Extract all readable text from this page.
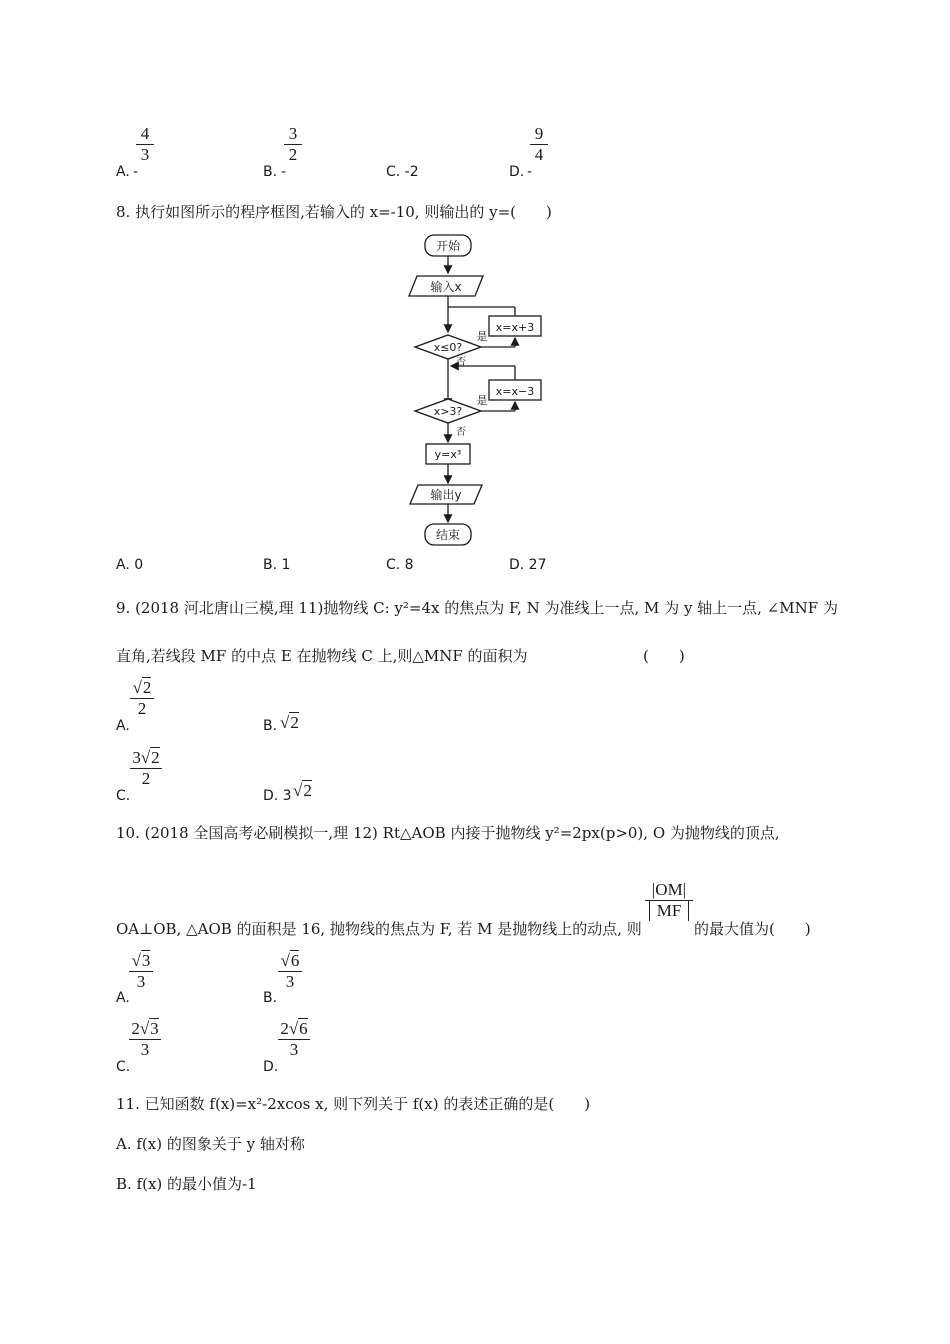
A. -
4
3
B. -
3
2
C. -2	D. -
9
4
8. 执行如图所示的程序框图,若输入的 x=-10, 则输出的 y=(　　)
开始
输入x
x=x+3
是
x≤0?
否
x=x−3
是
x>3?
否
y=x³
输出y
结束
A. 0	B. 1	C. 8	D. 27
9. (2018 河北唐山三模,理 11)抛物线 C: y²=4x 的焦点为 F, N 为准线上一点, M 为 y 轴上一点, ∠MNF 为
直角,若线段 MF 的中点 E 在抛物线 C 上,则△MNF 的面积为	(　　)
A.
√2
2
B. √2
C.
3√2
2
D. 3 √2
10. (2018 全国高考必刷模拟一,理 12) Rt△AOB 内接于抛物线 y²=2px(p>0), O 为抛物线的顶点,
OA⊥OB, △AOB 的面积是 16, 抛物线的焦点为 F, 若 M 是抛物线上的动点, 则
|OM|
MF
的最大值为(　　)
A.
√3
3
B.
√6
3
C.
2√3
3
D.
2√6
3
11. 已知函数 f(x)=x²-2xcos x, 则下列关于 f(x) 的表述正确的是(　　)
A. f(x) 的图象关于 y 轴对称
B. f(x) 的最小值为-1
